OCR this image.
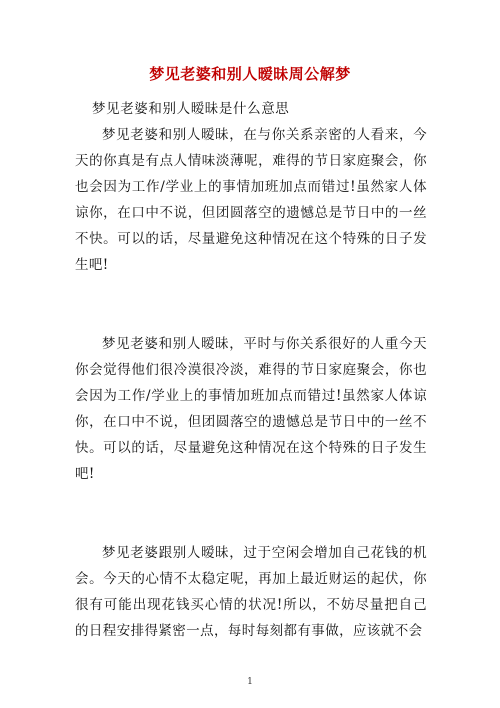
梦见老婆和别人暧昧周公解梦
梦见老婆和别人暧昧是什么意思

梦见老婆和别人暧昧，在与你关系亲密的人看来，今天的你真是有点人情味淡薄呢，难得的节日家庭聚会，你也会因为工作/学业上的事情加班加点而错过!虽然家人体谅你，在口中不说，但团圆落空的遗憾总是节日中的一丝不快。可以的话，尽量避免这种情况在这个特殊的日子发生吧!

梦见老婆和别人暧昧，平时与你关系很好的人重今天你会觉得他们很冷漠很冷淡，难得的节日家庭聚会，你也会因为工作/学业上的事情加班加点而错过!虽然家人体谅你，在口中不说，但团圆落空的遗憾总是节日中的一丝不快。可以的话，尽量避免这种情况在这个特殊的日子发生吧!

梦见老婆跟别人暧昧，过于空闲会增加自己花钱的机会。今天的心情不太稳定呢，再加上最近财运的起伏，你很有可能出现花钱买心情的状况!所以，不妨尽量把自己的日程安排得紧密一点，每时每刻都有事做，应该就不会

1
